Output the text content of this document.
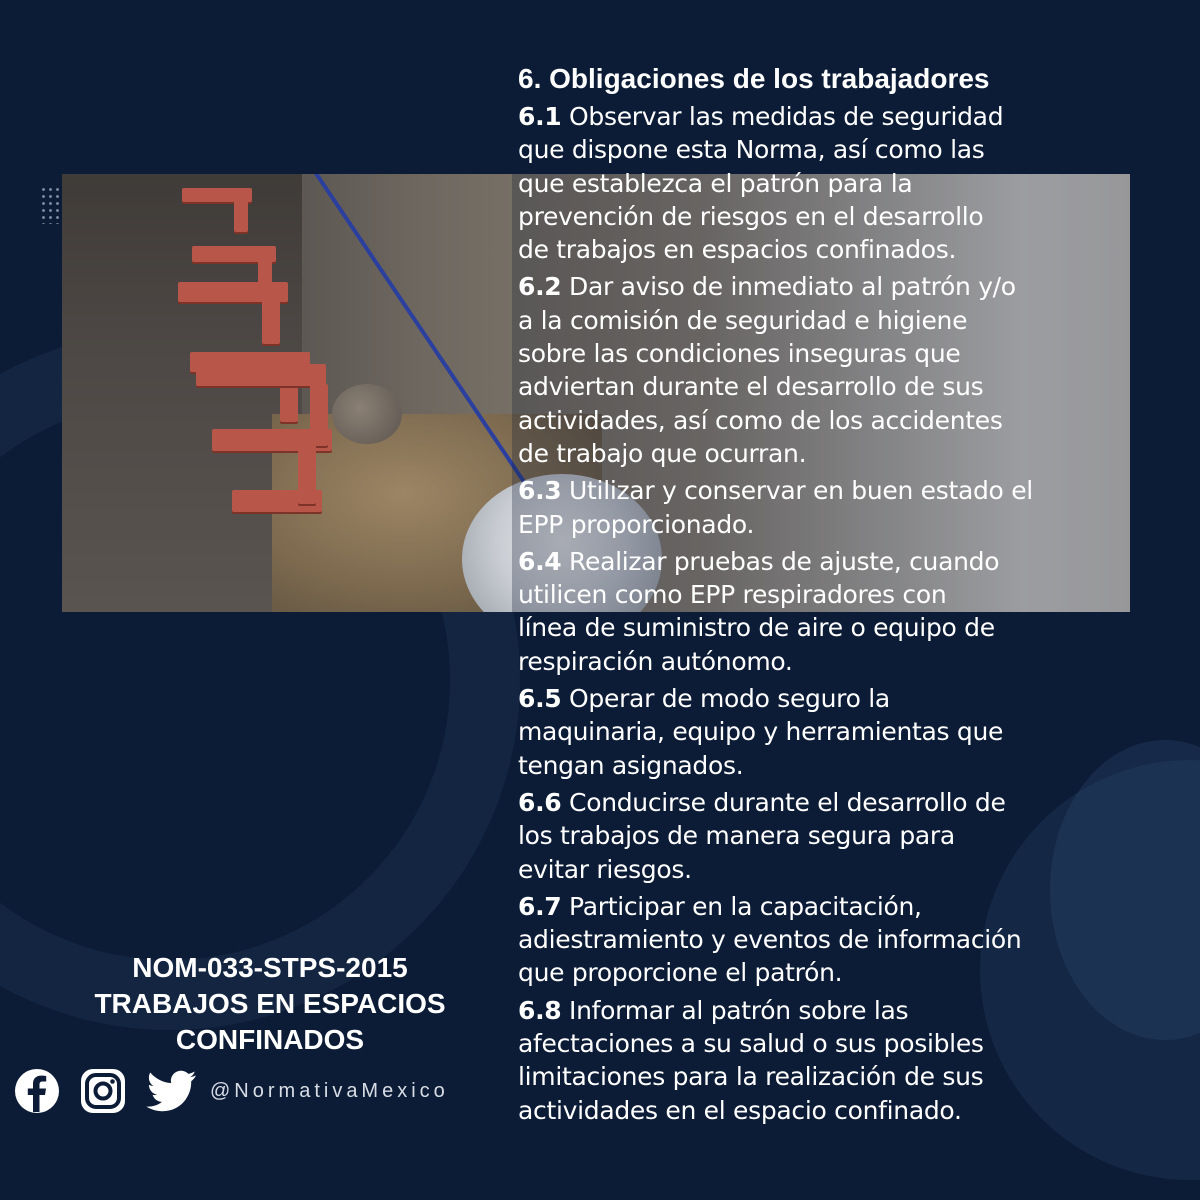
6. Obligaciones de los trabajadores
6.1 Observar las medidas de seguridad
que dispone esta Norma, así como las
que establezca el patrón para la
prevención de riesgos en el desarrollo
de trabajos en espacios confinados.
6.2 Dar aviso de inmediato al patrón y/o
a la comisión de seguridad e higiene
sobre las condiciones inseguras que
adviertan durante el desarrollo de sus
actividades, así como de los accidentes
de trabajo que ocurran.
6.3 Utilizar y conservar en buen estado el
EPP proporcionado.
6.4 Realizar pruebas de ajuste, cuando
utilicen como EPP respiradores con
línea de suministro de aire o equipo de
respiración autónomo.
6.5 Operar de modo seguro la
maquinaria, equipo y herramientas que
tengan asignados.
6.6 Conducirse durante el desarrollo de
los trabajos de manera segura para
evitar riesgos.
6.7 Participar en la capacitación,
adiestramiento y eventos de información
que proporcione el patrón.
6.8 Informar al patrón sobre las
afectaciones a su salud o sus posibles
limitaciones para la realización de sus
actividades en el espacio confinado.
NOM-033-STPS-2015
TRABAJOS EN ESPACIOS
CONFINADOS
@NormativaMexico
